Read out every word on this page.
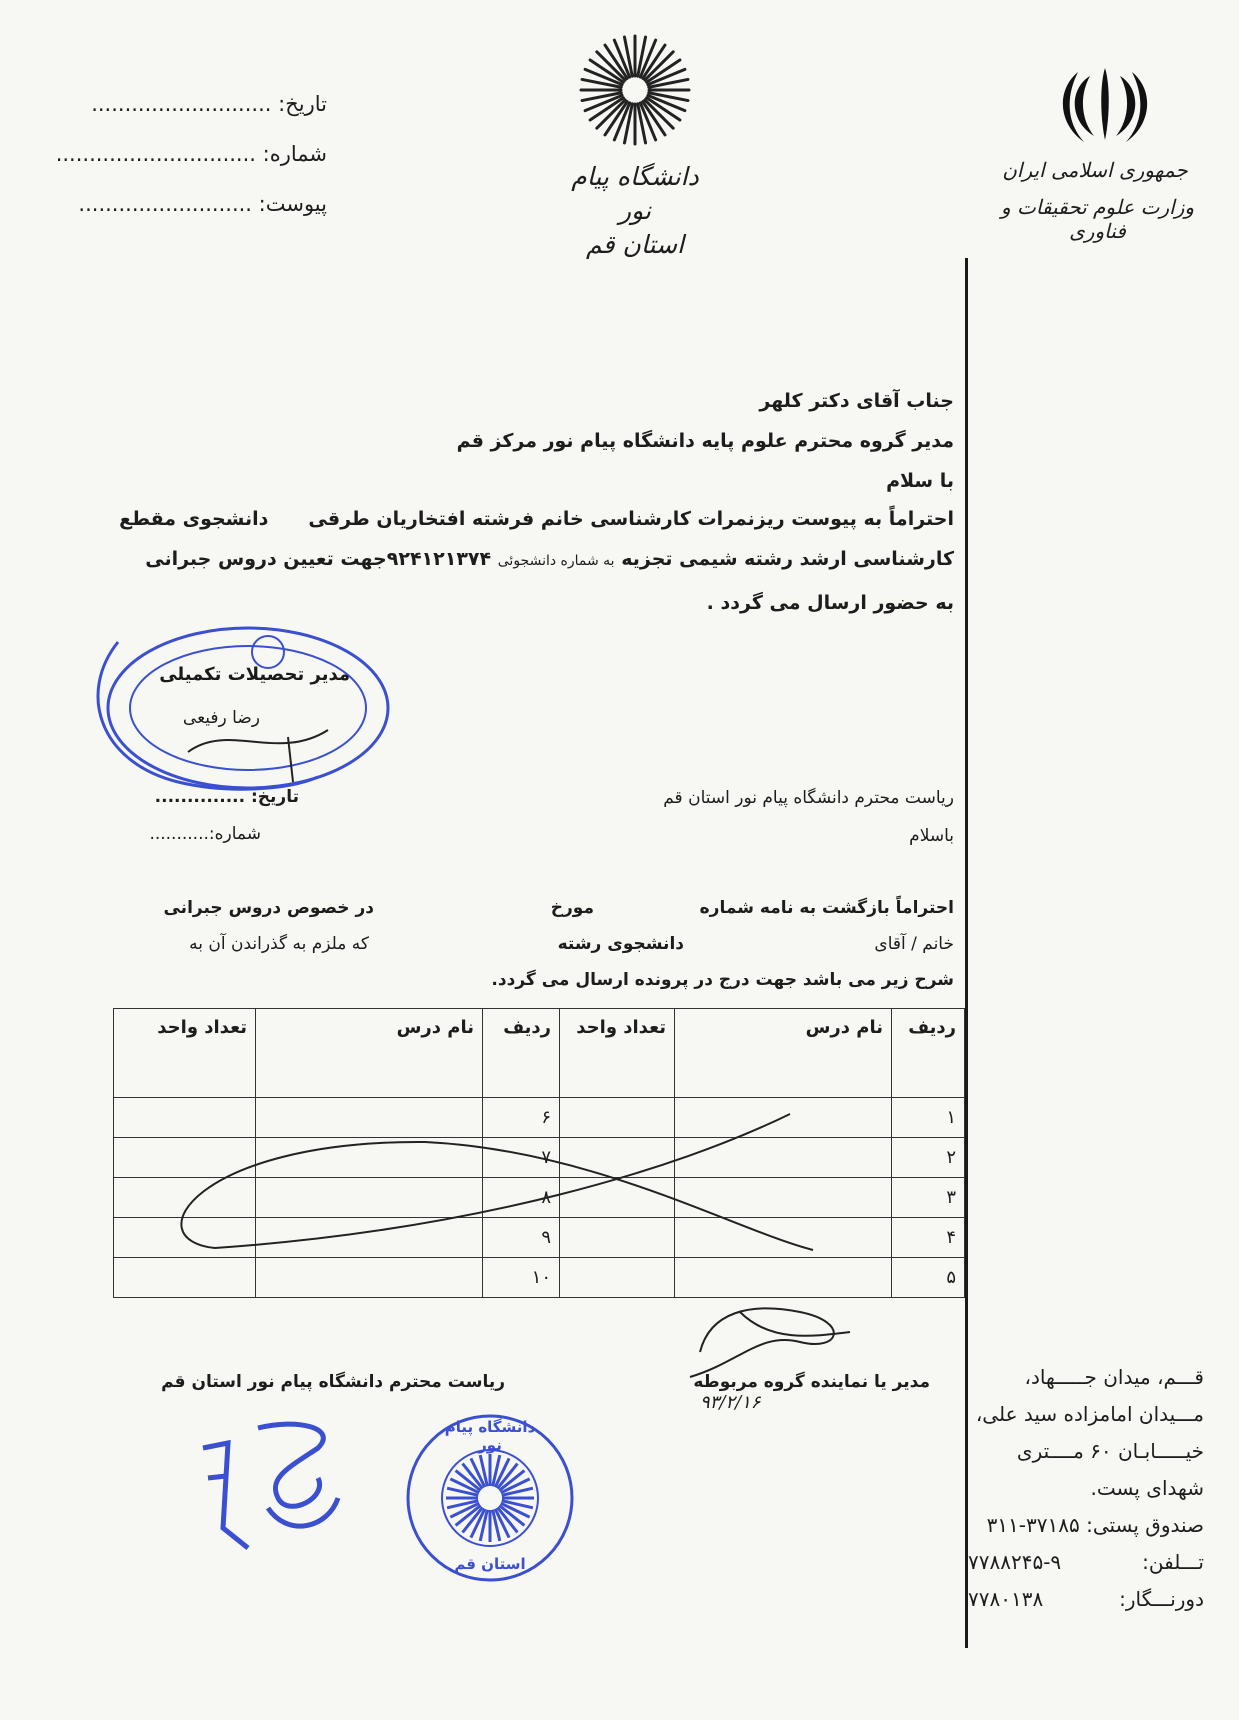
جمهوری اسلامی ایران
وزارت علوم تحقیقات و فناوری
دانشگاه پیام نور
استان قم
تاریخ: ...........................
شماره: ..............................
پیوست: ..........................
جناب آقای دکتر کلهر
مدیر گروه محترم علوم پایه دانشگاه پیام نور مرکز قم
با سلام
احتراماً به پیوست ریزنمرات کارشناسی خانم فرشته افتخاریان طرقیدانشجوی مقطع
کارشناسی ارشد رشته شیمی تجزیه به شماره دانشجوئی ۹۲۴۱۲۱۳۷۴جهت تعیین دروس جبرانی
به حضور ارسال می گردد .
مدیر تحصیلات تکمیلی
رضا رفیعی
تاریخ: ..............
شماره:...........
ریاست محترم دانشگاه پیام نور استان قم
باسلام
احتراماً بازگشت به نامه شماره
مورخ
در خصوص دروس جبرانی
خانم / آقای
دانشجوی رشته
که ملزم به گذراندن آن به
شرح زیر می باشد جهت درج در پرونده ارسال می گردد.
ردیف	نام درس	تعداد واحد	ردیف	نام درس	تعداد واحد
۱			۶		
۲			۷		
۳			۸		
۴			۹		
۵			۱۰		
مدیر یا نماینده گروه مربوطه
۹۳/۲/۱۶
ریاست محترم دانشگاه پیام نور استان قم
دانشگاه پیام نور
استان قم
قـــم، میدان جـــــهاد،
مـــیدان امامزاده سید علی،
خیـــــابـان ۶۰ مــــتری
شهدای پست.
صندوق پستی: ۳۷۱۸۵-۳۱۱
تـــلفن:
۷۷۸۸۲۴۵-۹
دورنـــگار:
۷۷۸۰۱۳۸
